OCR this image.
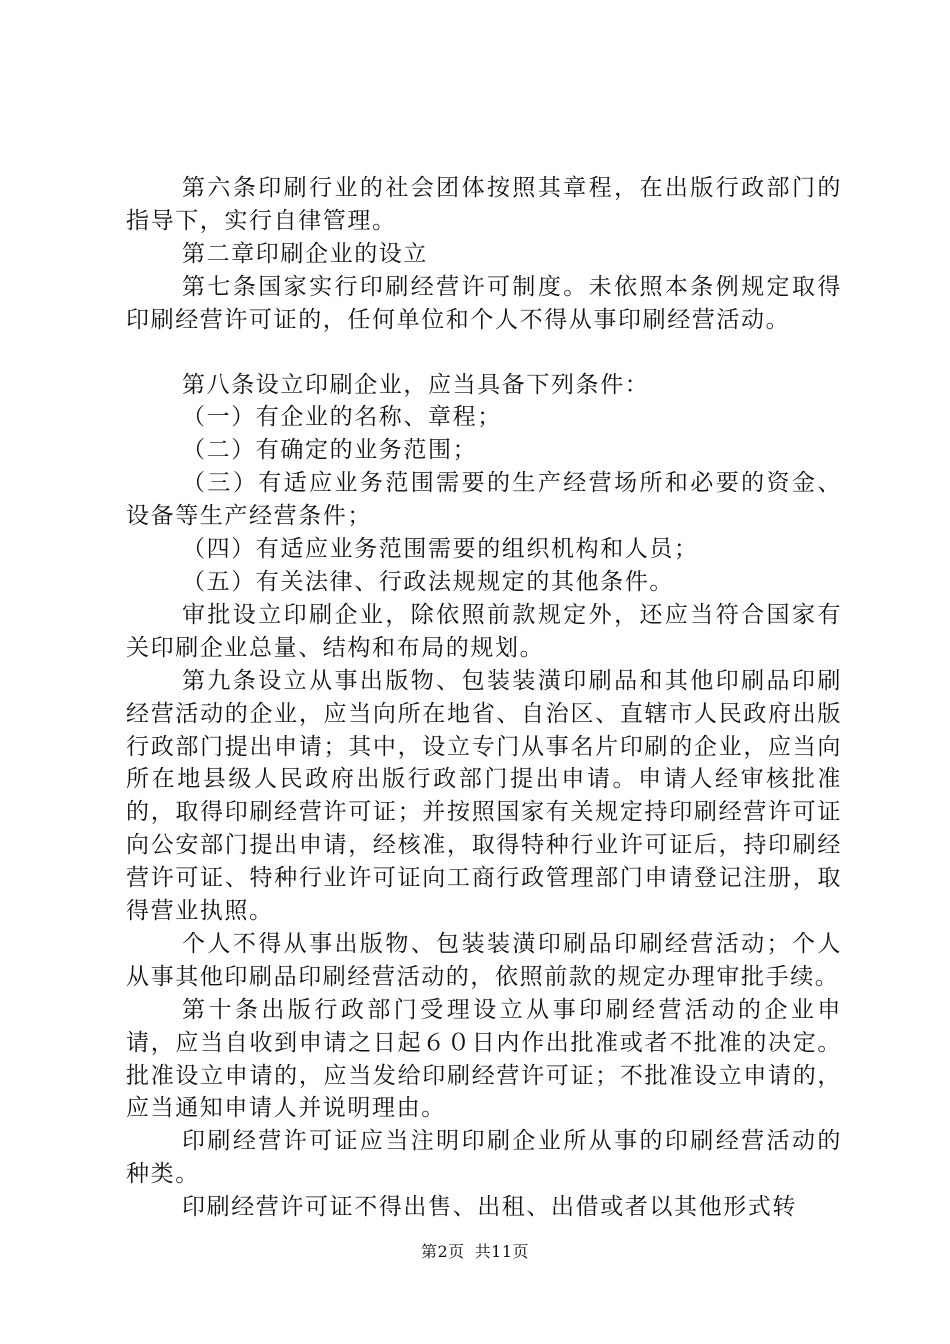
第六条印刷行业的社会团体按照其章程，在出版行政部门的指导下，实行自律管理。

第二章印刷企业的设立

第七条国家实行印刷经营许可制度。未依照本条例规定取得印刷经营许可证的，任何单位和个人不得从事印刷经营活动。

第八条设立印刷企业，应当具备下列条件：

（一）有企业的名称、章程；

（二）有确定的业务范围；

（三）有适应业务范围需要的生产经营场所和必要的资金、设备等生产经营条件；

（四）有适应业务范围需要的组织机构和人员；

（五）有关法律、行政法规规定的其他条件。

审批设立印刷企业，除依照前款规定外，还应当符合国家有关印刷企业总量、结构和布局的规划。

第九条设立从事出版物、包装装潢印刷品和其他印刷品印刷经营活动的企业，应当向所在地省、自治区、直辖市人民政府出版行政部门提出申请；其中，设立专门从事名片印刷的企业，应当向所在地县级人民政府出版行政部门提出申请。申请人经审核批准的，取得印刷经营许可证；并按照国家有关规定持印刷经营许可证向公安部门提出申请，经核准，取得特种行业许可证后，持印刷经营许可证、特种行业许可证向工商行政管理部门申请登记注册，取得营业执照。

个人不得从事出版物、包装装潢印刷品印刷经营活动；个人从事其他印刷品印刷经营活动的，依照前款的规定办理审批手续。

第十条出版行政部门受理设立从事印刷经营活动的企业申请，应当自收到申请之日起６０日内作出批准或者不批准的决定。批准设立申请的，应当发给印刷经营许可证；不批准设立申请的，应当通知申请人并说明理由。

印刷经营许可证应当注明印刷企业所从事的印刷经营活动的种类。

印刷经营许可证不得出售、出租、出借或者以其他形式转

第2页 共11页
